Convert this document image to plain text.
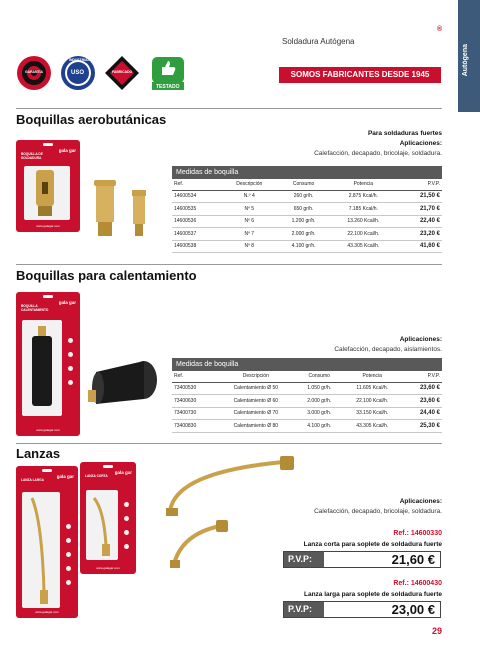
Autógena
®
Soldadura Autógena
SOMOS FABRICANTES DESDE 1945
GARANTÍA	USO
INDUSTRIAL
FABRICADO
TESTADO
Boquillas aerobutánicas
gala gar
BOQUILLA DE SOLDADURA
www.galagar.com
Para soldaduras fuertes
Aplicaciones:
Calefacción, decapado, bricolaje, soldadura.
Medidas de boquilla
Ref.	Descripción	Consumo	Potencia	P.V.P.
14600534	N.º 4	260 gr/h.	2.875 Kcal/h.	21,50 €
14600535	Nº 5	650 gr/h.	7.185 Kcal/h.	21,70 €
14600536	Nº 6	1.200 gr/h.	13.260 Kcal/h.	22,40 €
14600537	Nº 7	2.000 gr/h.	22.100 Kcal/h.	23,20 €
14600538	Nº 8	4.100 gr/h.	43.305 Kcal/h.	41,60 €
Boquillas para calentamiento
gala gar
BOQUILLA CALENTAMIENTO
www.galagar.com
Aplicaciones:
Calefacción, decapado, aislamientos.
Medidas de boquilla
Ref.	Descripción	Consumo	Potencia	P.V.P.
73400530	Calentamiento Ø 50	1.050 gr/h.	11.605 Kcal/h.	23,60 €
73400630	Calentamiento Ø 60	2.000 gr/h.	22.100 Kcal/h.	23,60 €
73400730	Calentamiento Ø 70	3.000 gr/h.	33.150 Kcal/h.	24,40 €
73400830	Calentamiento Ø 80	4.100 gr/h.	43.305 Kcal/h.	25,30 €
Lanzas
gala gar
LANZA LARGA
www.galagar.com
gala gar
LANZA CORTA
www.galagar.com
Aplicaciones:
Calefacción, decapado, bricolaje, soldadura.
Ref.: 14600330
Lanza corta para soplete de soldadura fuerte
P.V.P:	21,60 €
Ref.: 14600430
Lanza larga para soplete de soldadura fuerte
P.V.P:	23,00 €
29
